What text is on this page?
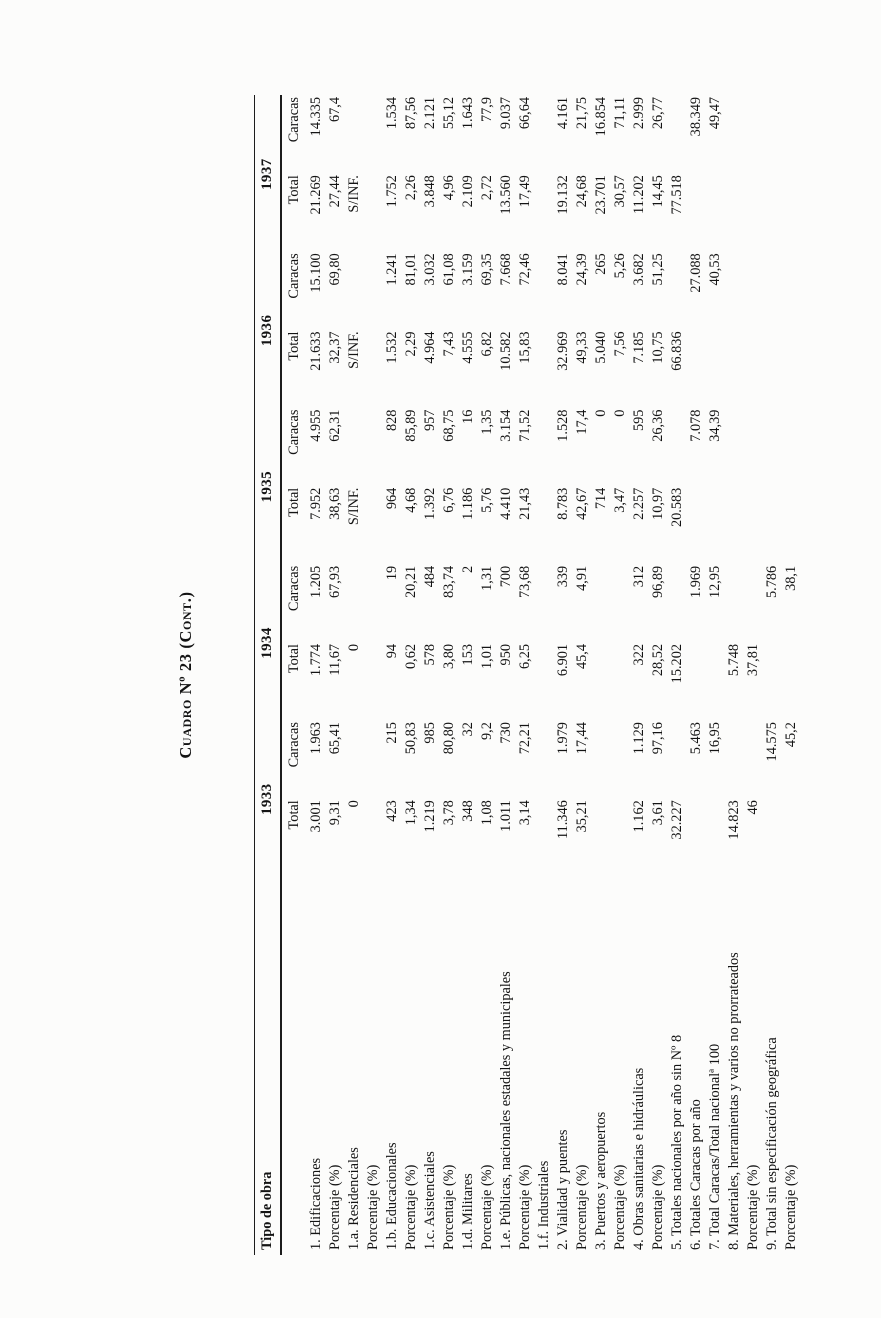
Cuadro Nº 23 (Cont.)
Tipo de obra	1933		1934		1935		1936		1937	
	Total	Caracas	Total	Caracas	Total	Caracas	Total	Caracas	Total	Caracas
1. Edificaciones	3.001	1.963	1.774	1.205	7.952	4.955	21.633	15.100	21.269	14.335
Porcentaje (%)	9,31	65,41	11,67	67,93	38,63	62,31	32,37	69,80	27,44	67,4
1.a. Residenciales	0		0		S/INF.		S/INF.		S/INF.	
Porcentaje (%)										
1.b. Educacionales	423	215	94	19	964	828	1.532	1.241	1.752	1.534
Porcentaje (%)	1,34	50,83	0,62	20,21	4,68	85,89	2,29	81,01	2,26	87,56
1.c. Asistenciales	1.219	985	578	484	1.392	957	4.964	3.032	3.848	2.121
Porcentaje (%)	3,78	80,80	3,80	83,74	6,76	68,75	7,43	61,08	4,96	55,12
1.d. Militares	348	32	153	2	1.186	16	4.555	3.159	2.109	1.643
Porcentaje (%)	1,08	9,2	1,01	1,31	5,76	1,35	6,82	69,35	2,72	77,9
1.e. Públicas, nacionales estadales y municipales	1.011	730	950	700	4.410	3.154	10.582	7.668	13.560	9.037
Porcentaje (%)	3,14	72,21	6,25	73,68	21,43	71,52	15,83	72,46	17,49	66,64
1.f. Industriales										
2. Vialidad y puentes	11.346	1.979	6.901	339	8.783	1.528	32.969	8.041	19.132	4.161
Porcentaje (%)	35,21	17,44	45,4	4,91	42,67	17,4	49,33	24,39	24,68	21,75
3. Puertos y aeropuertos					714	0	5.040	265	23.701	16.854
Porcentaje (%)					3,47	0	7,56	5,26	30,57	71,11
4. Obras sanitarias e hidráulicas	1.162	1.129	322	312	2.257	595	7.185	3.682	11.202	2.999
Porcentaje (%)	3,61	97,16	28,52	96,89	10,97	26,36	10,75	51,25	14,45	26,77
5. Totales nacionales por año sin Nº 8	32.227		15.202		20.583		66.836		77.518	
6. Totales Caracas por año		5.463		1.969		7.078		27.088		38.349
7. Total Caracas/Total nacionalª 100		16,95		12,95		34,39		40,53		49,47
8. Materiales, herramientas y varios no prorrateados	14.823		5.748							
Porcentaje (%)	46		37,81							
9. Total sin especificación geográfica		14.575		5.786						
Porcentaje (%)		45,2		38,1						
